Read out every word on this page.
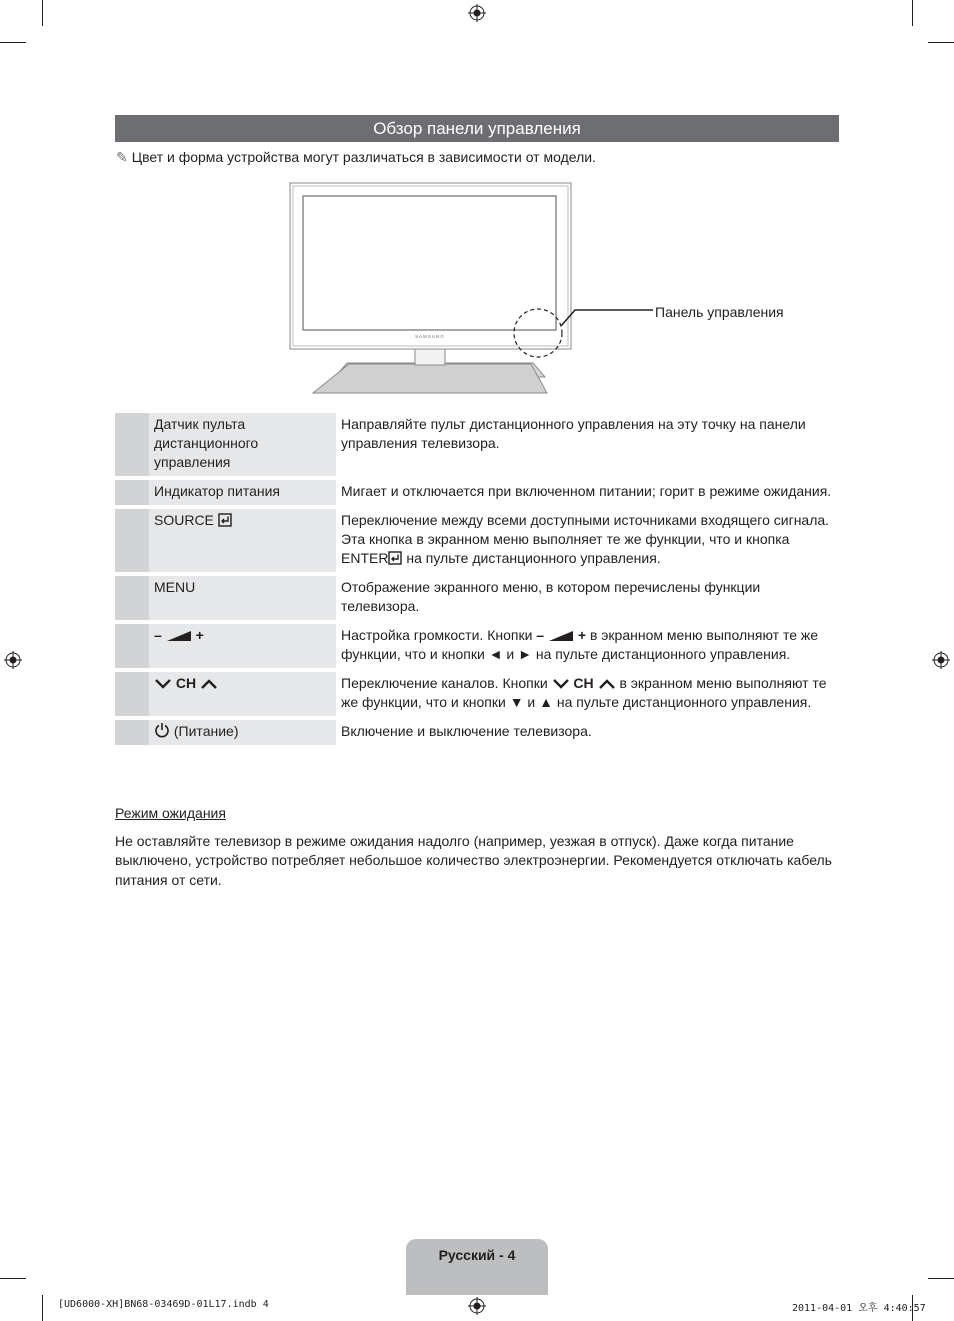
Обзор панели управления
✎ Цвет и форма устройства могут различаться в зависимости от модели.
SAMSUNG
Панель управления
	Датчик пульта дистанционного управления	Направляйте пульт дистанционного управления на эту точку на панели управления телевизора.
	Индикатор питания	Мигает и отключается при включенном питании; горит в режиме ожидания.
	SOURCE	Переключение между всеми доступными источниками входящего сигнала. Эта кнопка в экранном меню выполняет те же функции, что и кнопка ENTER на пульте дистанционного управления.
	MENU	Отображение экранного меню, в котором перечислены функции телевизора.
	– +	Настройка громкости. Кнопки – + в экранном меню выполняют те же функции, что и кнопки ◄ и ► на пульте дистанционного управления.
	CH	Переключение каналов. Кнопки CH в экранном меню выполняют те же функции, что и кнопки ▼ и ▲ на пульте дистанционного управления.
	(Питание)	Включение и выключение телевизора.
Режим ожидания
Не оставляйте телевизор в режиме ожидания надолго (например, уезжая в отпуск). Даже когда питание выключено, устройство потребляет небольшое количество электроэнергии. Рекомендуется отключать кабель питания от сети.
Русский - 4
[UD6000-XH]BN68-03469D-01L17.indb 4	2011-04-01 오후 4:40:57
